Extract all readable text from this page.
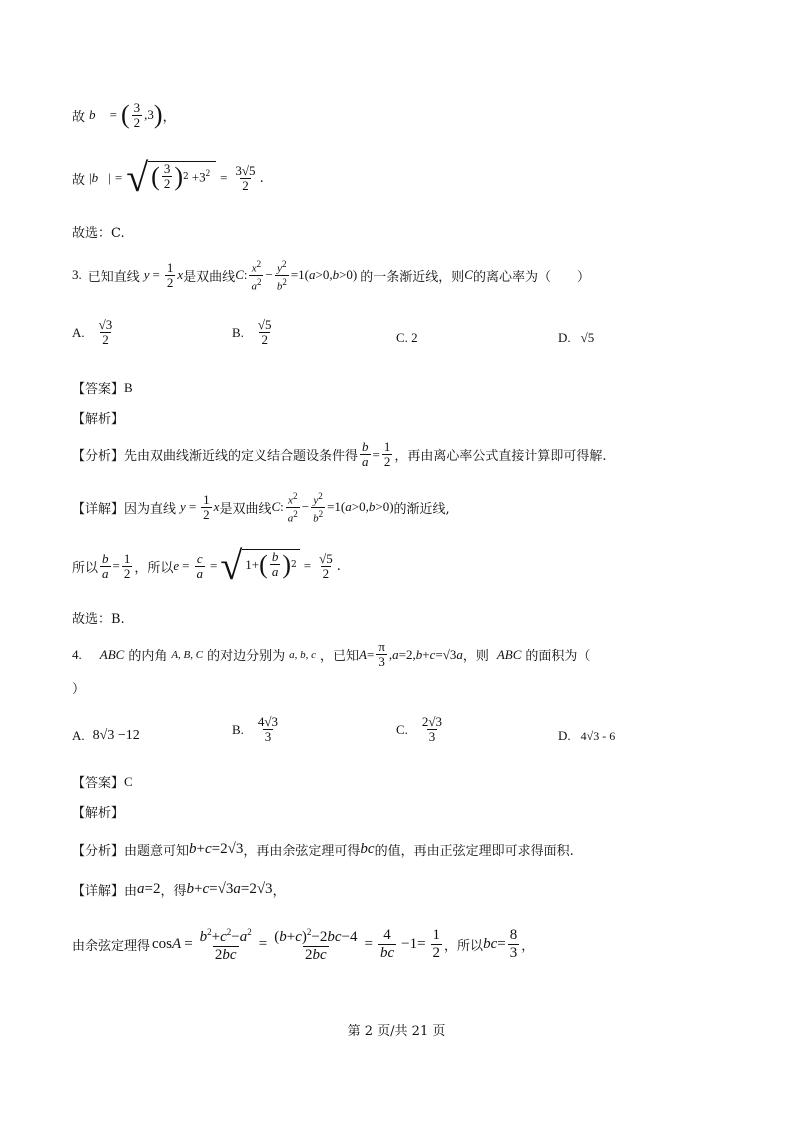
故 b⃗ = ( $\frac{3}{2} ,3$ ) ，
故 | b⃗ | = √ ( $\frac{3}{2}$ ) $2 +3^2 = \frac{3√5}{2}$ .
故选：C.
3. 已知直线 $y = \frac{1}{2}$ x 是双曲线 C : $\frac{x^2}{a^2} - \frac{y^2}{b^2} =1$( a >0, b >0) 的一条渐近线，则 C 的离心率为（　　）
A. $\frac{√3}{2}$	B. $\frac{√5}{2}$	C. 2	D. √5
【答案】 B
【解析】
【分析】 先由双曲线渐近线的定义结合题设条件得 $\frac{b}{a} = \frac{1}{2}$ ，再由离心率公式直接计算即可得解.
【详解】 因为直线 $y = \frac{1}{2}$ x 是双曲线 C : $\frac{x^2}{a^2} - \frac{y^2}{b^2} =1$( a >0, b >0) 的渐近线,
所以 $\frac{b}{a} = \frac{1}{2}$ ，所以 $e = \frac{c}{a}$ = √ 1+ ( $\frac{b}{a}$ ) $2 = \frac{√5}{2}$ .
故选：B.
4. ABC 的内角 A, B, C 的对边分别为 a, b, c ，已知 $A = \frac{\pi}{3}$ , a =2, b + c =√3 a ，则 ABC 的面积为（
）
A. 8√3 −12	B. $\frac{4√3}{3}$	C. $\frac{2√3}{3}$	D. 4√3 - 6
【答案】 C
【解析】
【分析】 由题意可知 b + c =2√3 ，再由余弦定理可得 bc 的值，再由正弦定理即可求得面积.
【详解】 由 a =2 ，得 b + c =√3 a =2√3 ，
由余弦定理得 $\cos A = \frac{b^2+c^2-a^2}{2bc} = \frac{(b+c)^2-2bc-4}{2bc} = \frac{4}{bc} -1= \frac{1}{2}$ ，所以 bc = $\frac{8}{3}$ ，
第 2 页/共 21 页
